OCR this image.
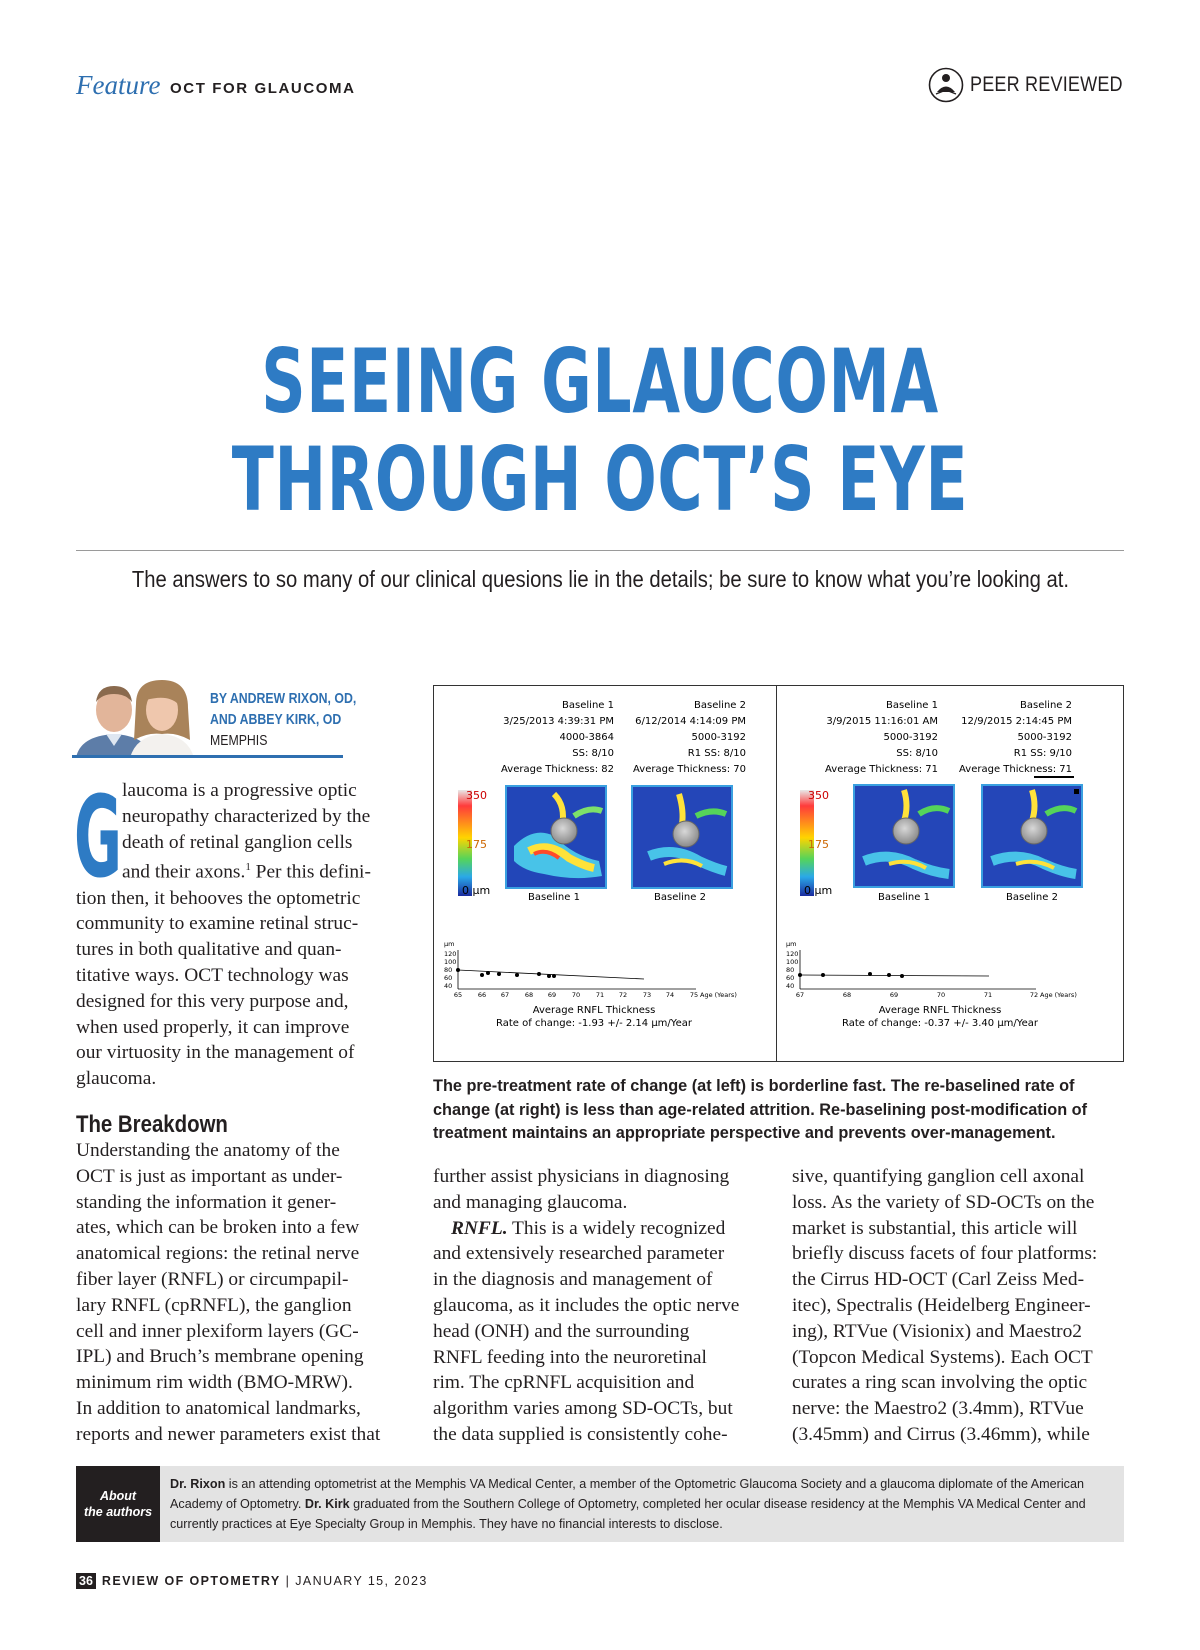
Feature OCT FOR GLAUCOMA	PEER REVIEWED
SEEING GLAUCOMA
THROUGH OCT’S EYE
The answers to so many of our clinical quesions lie in the details; be sure to know what you’re looking at.
BY ANDREW RIXON, OD,
AND ABBEY KIRK, OD
MEMPHIS
G laucoma is a progressive optic
neuropathy characterized by the
death of retinal ganglion cells
and their axons.$^1$ Per this defini-
tion then, it behooves the optometric
community to examine retinal struc-
tures in both qualitative and quan-
titative ways. OCT technology was
designed for this very purpose and,
when used properly, it can improve
our virtuosity in the management of
glaucoma.
The Breakdown
Understanding the anatomy of the
OCT is just as important as under-
standing the information it gener-
ates, which can be broken into a few
anatomical regions: the retinal nerve
fiber layer (RNFL) or circumpapil-
lary RNFL (cpRNFL), the ganglion
cell and inner plexiform layers (GC-
IPL) and Bruch’s membrane opening
minimum rim width (BMO-MRW).
In addition to anatomical landmarks,
reports and newer parameters exist that
further assist physicians in diagnosing
and managing glaucoma.
RNFL. This is a widely recognized
and extensively researched parameter
in the diagnosis and management of
glaucoma, as it includes the optic nerve
head (ONH) and the surrounding
RNFL feeding into the neuroretinal
rim. The cpRNFL acquisition and
algorithm varies among SD-OCTs, but
the data supplied is consistently cohe-
sive, quantifying ganglion cell axonal
loss. As the variety of SD-OCTs on the
market is substantial, this article will
briefly discuss facets of four platforms:
the Cirrus HD-OCT (Carl Zeiss Med-
itec), Spectralis (Heidelberg Engineer-
ing), RTVue (Visionix) and Maestro2
(Topcon Medical Systems). Each OCT
curates a ring scan involving the optic
nerve: the Maestro2 (3.4mm), RTVue
(3.45mm) and Cirrus (3.46mm), while
Baseline 1
3/25/2013 4:39:31 PM
4000-3864
SS: 8/10
Average Thickness: 82
Baseline 2
6/12/2014 4:14:09 PM
5000-3192
R1 SS: 8/10
Average Thickness: 70
350
175
0 μm
Baseline 1	Baseline 2
μm
120
100
80
60
40
65 66 67 68 69 70 71 72 73 74 75 Age (Years)
Average RNFL Thickness
Rate of change: -1.93 +/- 2.14 μm/Year
Baseline 1
3/9/2015 11:16:01 AM
5000-3192
SS: 8/10
Average Thickness: 71
Baseline 2
12/9/2015 2:14:45 PM
5000-3192
R1 SS: 9/10
Average Thickness: 71
350
175
0 μm
Baseline 1	Baseline 2
μm
120
100
80
60
40
67	68	69	70	71	72 Age (Years)
Average RNFL Thickness
Rate of change: -0.37 +/- 3.40 μm/Year
The pre-treatment rate of change (at left) is borderline fast. The re-baselined rate of
change (at right) is less than age-related attrition. Re-baselining post-modification of
treatment maintains an appropriate perspective and prevents over-management.
About
the authors
Dr. Rixon is an attending optometrist at the Memphis VA Medical Center, a member of the Optometric Glaucoma Society and a glaucoma diplomate of the American
Academy of Optometry. Dr. Kirk graduated from the Southern College of Optometry, completed her ocular disease residency at the Memphis VA Medical Center and
currently practices at Eye Specialty Group in Memphis. They have no financial interests to disclose.
36 REVIEW OF OPTOMETRY | JANUARY 15, 2023
